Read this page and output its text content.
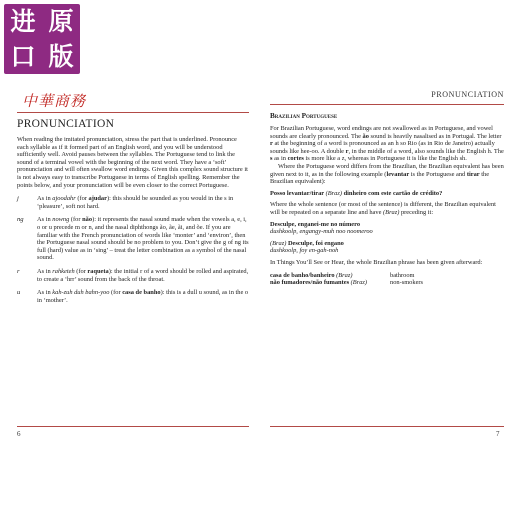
进 原
口 版
中華商務	PRONUNCIATION
PRONUNCIATION

When reading the imitated pronunciation, stress the part that is underlined. Pronounce each syllable as if it formed part of an English word, and you will be understood sufficiently well. Avoid pauses between the syllables. The Portuguese tend to link the sound of a terminal vowel with the beginning of the next word. They have a ‘soft’ pronunciation and will often swallow word endings. Given this complex sound structure it is not always easy to transcribe Portuguese in terms of English spelling. Remember the points below, and your pronunciation will be even closer to the correct Portuguese.

j	As in ajoodahr (for ajudar): this should be sounded as you would in the s in ‘pleasure’, soft not hard.

ng	As in nowng (for não): it represents the nasal sound made when the vowels a, e, i, o or u precede m or n, and the nasal diphthongs ão, ãe, ãi, and õe. If you are familiar with the French pronunciation of words like ‘monter’ and ‘environ’, then the Portuguese nasal sound should be no problem to you. Don’t give the g of ng its full (hard) value as in ‘sing’ – treat the letter combination as a symbol of the nasal sound.

r	As in rahketeh (for raqueta): the initial r of a word should be rolled and aspirated, to create a ‘hrr’ sound from the back of the throat.

u	As in kah-zuh duh bahn-yoo (for casa de banho): this is a dull u sound, as in the o in ‘mother’.

6
Brazilian Portuguese

For Brazilian Portuguese, word endings are not swallowed as in Portuguese, and vowel sounds are clearly pronounced. The ão sound is heavily nasalised as in Portugal. The letter r at the beginning of a word is pronounced as an h so Rio (as in Rio de Janeiro) actually sounds like hee-oo. A double r, in the middle of a word, also sounds like the English h. The s as in cortes is more like a z, whereas in Portuguese it is like the English sh.

Where the Portuguese word differs from the Brazilian, the Brazilian equivalent has been given next to it, as in the following example (levantar is the Portuguese and tirar the Brazilian equivalent):

Posso levantar/tirar (Braz) dinheiro com este cartão de crédito?

Where the whole sentence (or most of the sentence) is different, the Brazilian equivalent will be repeated on a separate line and have (Braz) preceding it:

Desculpe, enganei-me no número

dushkoolp, engangy-muh noo noomeroo

(Braz) Desculpe, foi engano

dushkoolp, foy en-gah-noh

In Things You’ll See or Hear, the whole Brazilian phrase has been given afterward:

casa de banho/banheiro (Braz)	bathroom
não fumadores/não fumantes (Braz)	non-smokers
7
